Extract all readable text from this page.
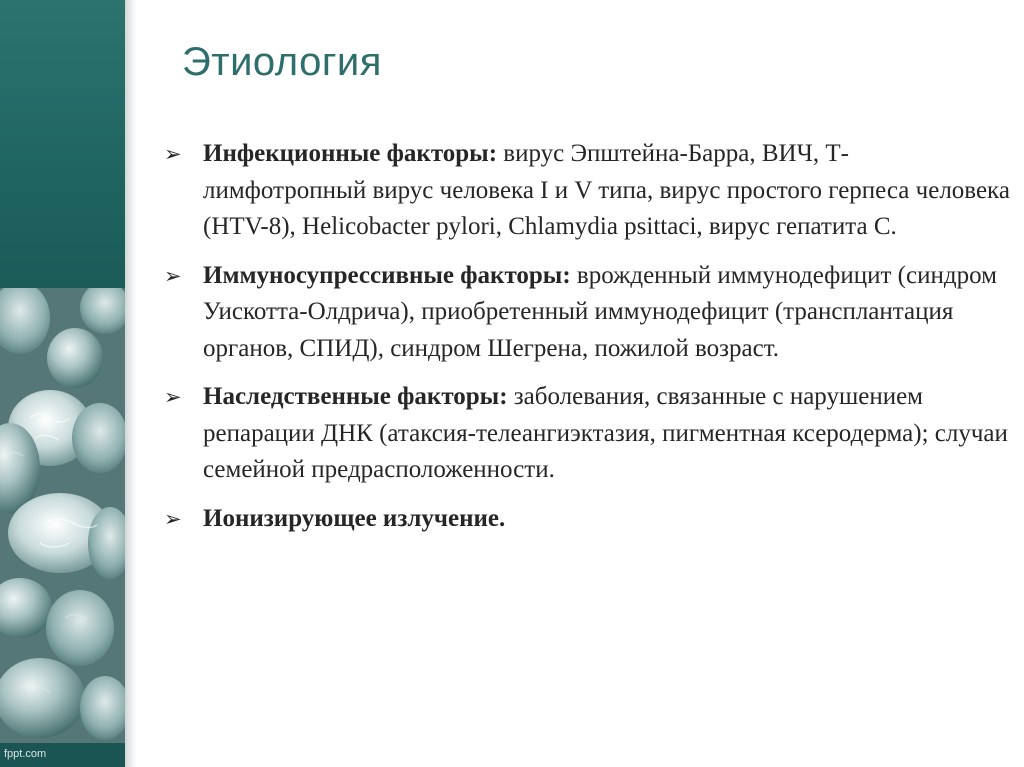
fppt.com
Этиология
➢ Инфекционные факторы: вирус Эпштейна-Барра, ВИЧ, Т-лимфотропный вирус человека I и V типа, вирус простого герпеса человека (HTV-8), Helicobacter pylori, Chlamydia psittaci, вирус гепатита С.
➢ Иммуносупрессивные факторы: врожденный иммунодефицит (синдром Уискотта-Олдрича), приобретенный иммунодефицит (трансплантация органов, СПИД), синдром Шегрена, пожилой возраст.
➢ Наследственные факторы: заболевания, связанные с нарушением репарации ДНК (атаксия-телеангиэктазия, пигментная ксеродерма); случаи семейной предрасположенности.
➢ Ионизирующее излучение.
